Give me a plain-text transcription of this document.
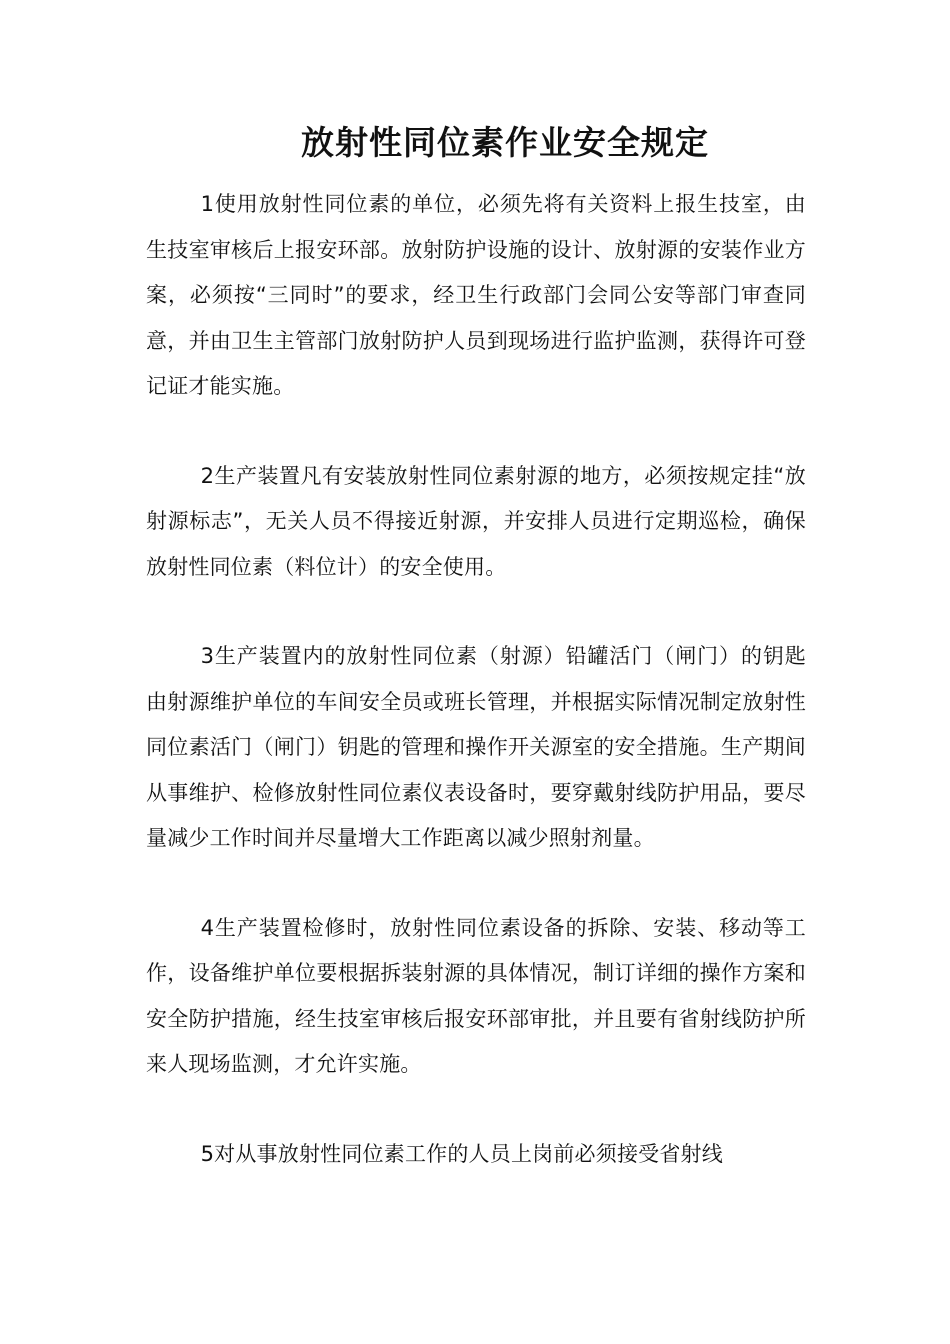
放射性同位素作业安全规定

1使用放射性同位素的单位，必须先将有关资料上报生技室，由生技室审核后上报安环部。放射防护设施的设计、放射源的安装作业方案，必须按“三同时”的要求，经卫生行政部门会同公安等部门审查同意，并由卫生主管部门放射防护人员到现场进行监护监测，获得许可登记证才能实施。

2生产装置凡有安装放射性同位素射源的地方，必须按规定挂“放射源标志”，无关人员不得接近射源，并安排人员进行定期巡检，确保放射性同位素（料位计）的安全使用。

3生产装置内的放射性同位素（射源）铅罐活门（闸门）的钥匙由射源维护单位的车间安全员或班长管理，并根据实际情况制定放射性同位素活门（闸门）钥匙的管理和操作开关源室的安全措施。生产期间从事维护、检修放射性同位素仪表设备时，要穿戴射线防护用品，要尽量减少工作时间并尽量增大工作距离以减少照射剂量。

4生产装置检修时，放射性同位素设备的拆除、安装、移动等工作，设备维护单位要根据拆装射源的具体情况，制订详细的操作方案和安全防护措施，经生技室审核后报安环部审批，并且要有省射线防护所来人现场监测，才允许实施。

5对从事放射性同位素工作的人员上岗前必须接受省射线
